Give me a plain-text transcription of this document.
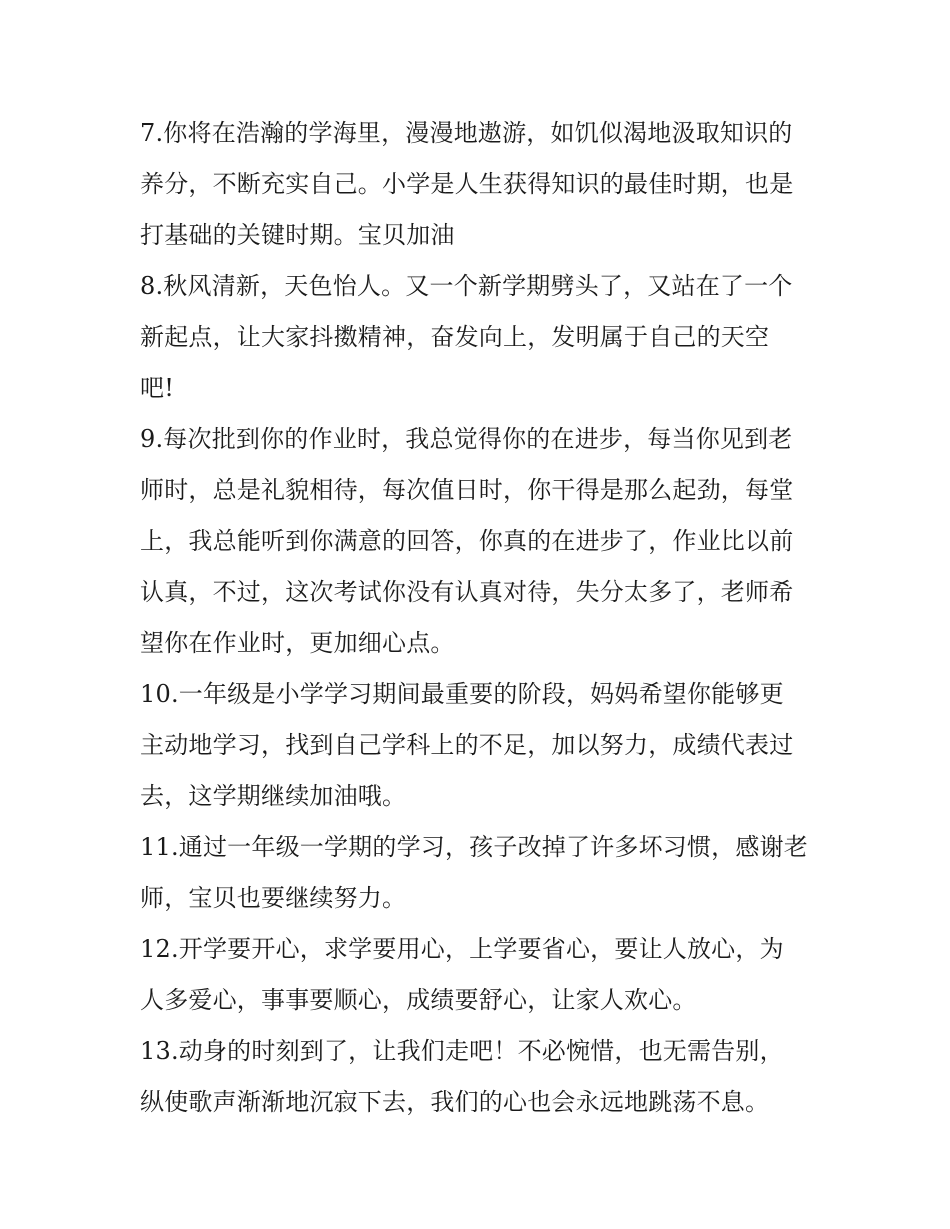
7.你将在浩瀚的学海里，漫漫地遨游，如饥似渴地汲取知识的
养分，不断充实自己。小学是人生获得知识的最佳时期，也是
打基础的关键时期。宝贝加油
8.秋风清新，天色怡人。又一个新学期劈头了，又站在了一个
新起点，让大家抖擞精神，奋发向上，发明属于自己的天空
吧!
9.每次批到你的作业时，我总觉得你的在进步，每当你见到老
师时，总是礼貌相待，每次值日时，你干得是那么起劲，每堂
上，我总能听到你满意的回答，你真的在进步了，作业比以前
认真，不过，这次考试你没有认真对待，失分太多了，老师希
望你在作业时，更加细心点。
10.一年级是小学学习期间最重要的阶段，妈妈希望你能够更
主动地学习，找到自己学科上的不足，加以努力，成绩代表过
去，这学期继续加油哦。
11.通过一年级一学期的学习，孩子改掉了许多坏习惯，感谢老
师，宝贝也要继续努力。
12.开学要开心，求学要用心，上学要省心，要让人放心，为
人多爱心，事事要顺心，成绩要舒心，让家人欢心。
13.动身的时刻到了，让我们走吧！不必惋惜，也无需告别，
纵使歌声渐渐地沉寂下去，我们的心也会永远地跳荡不息。
